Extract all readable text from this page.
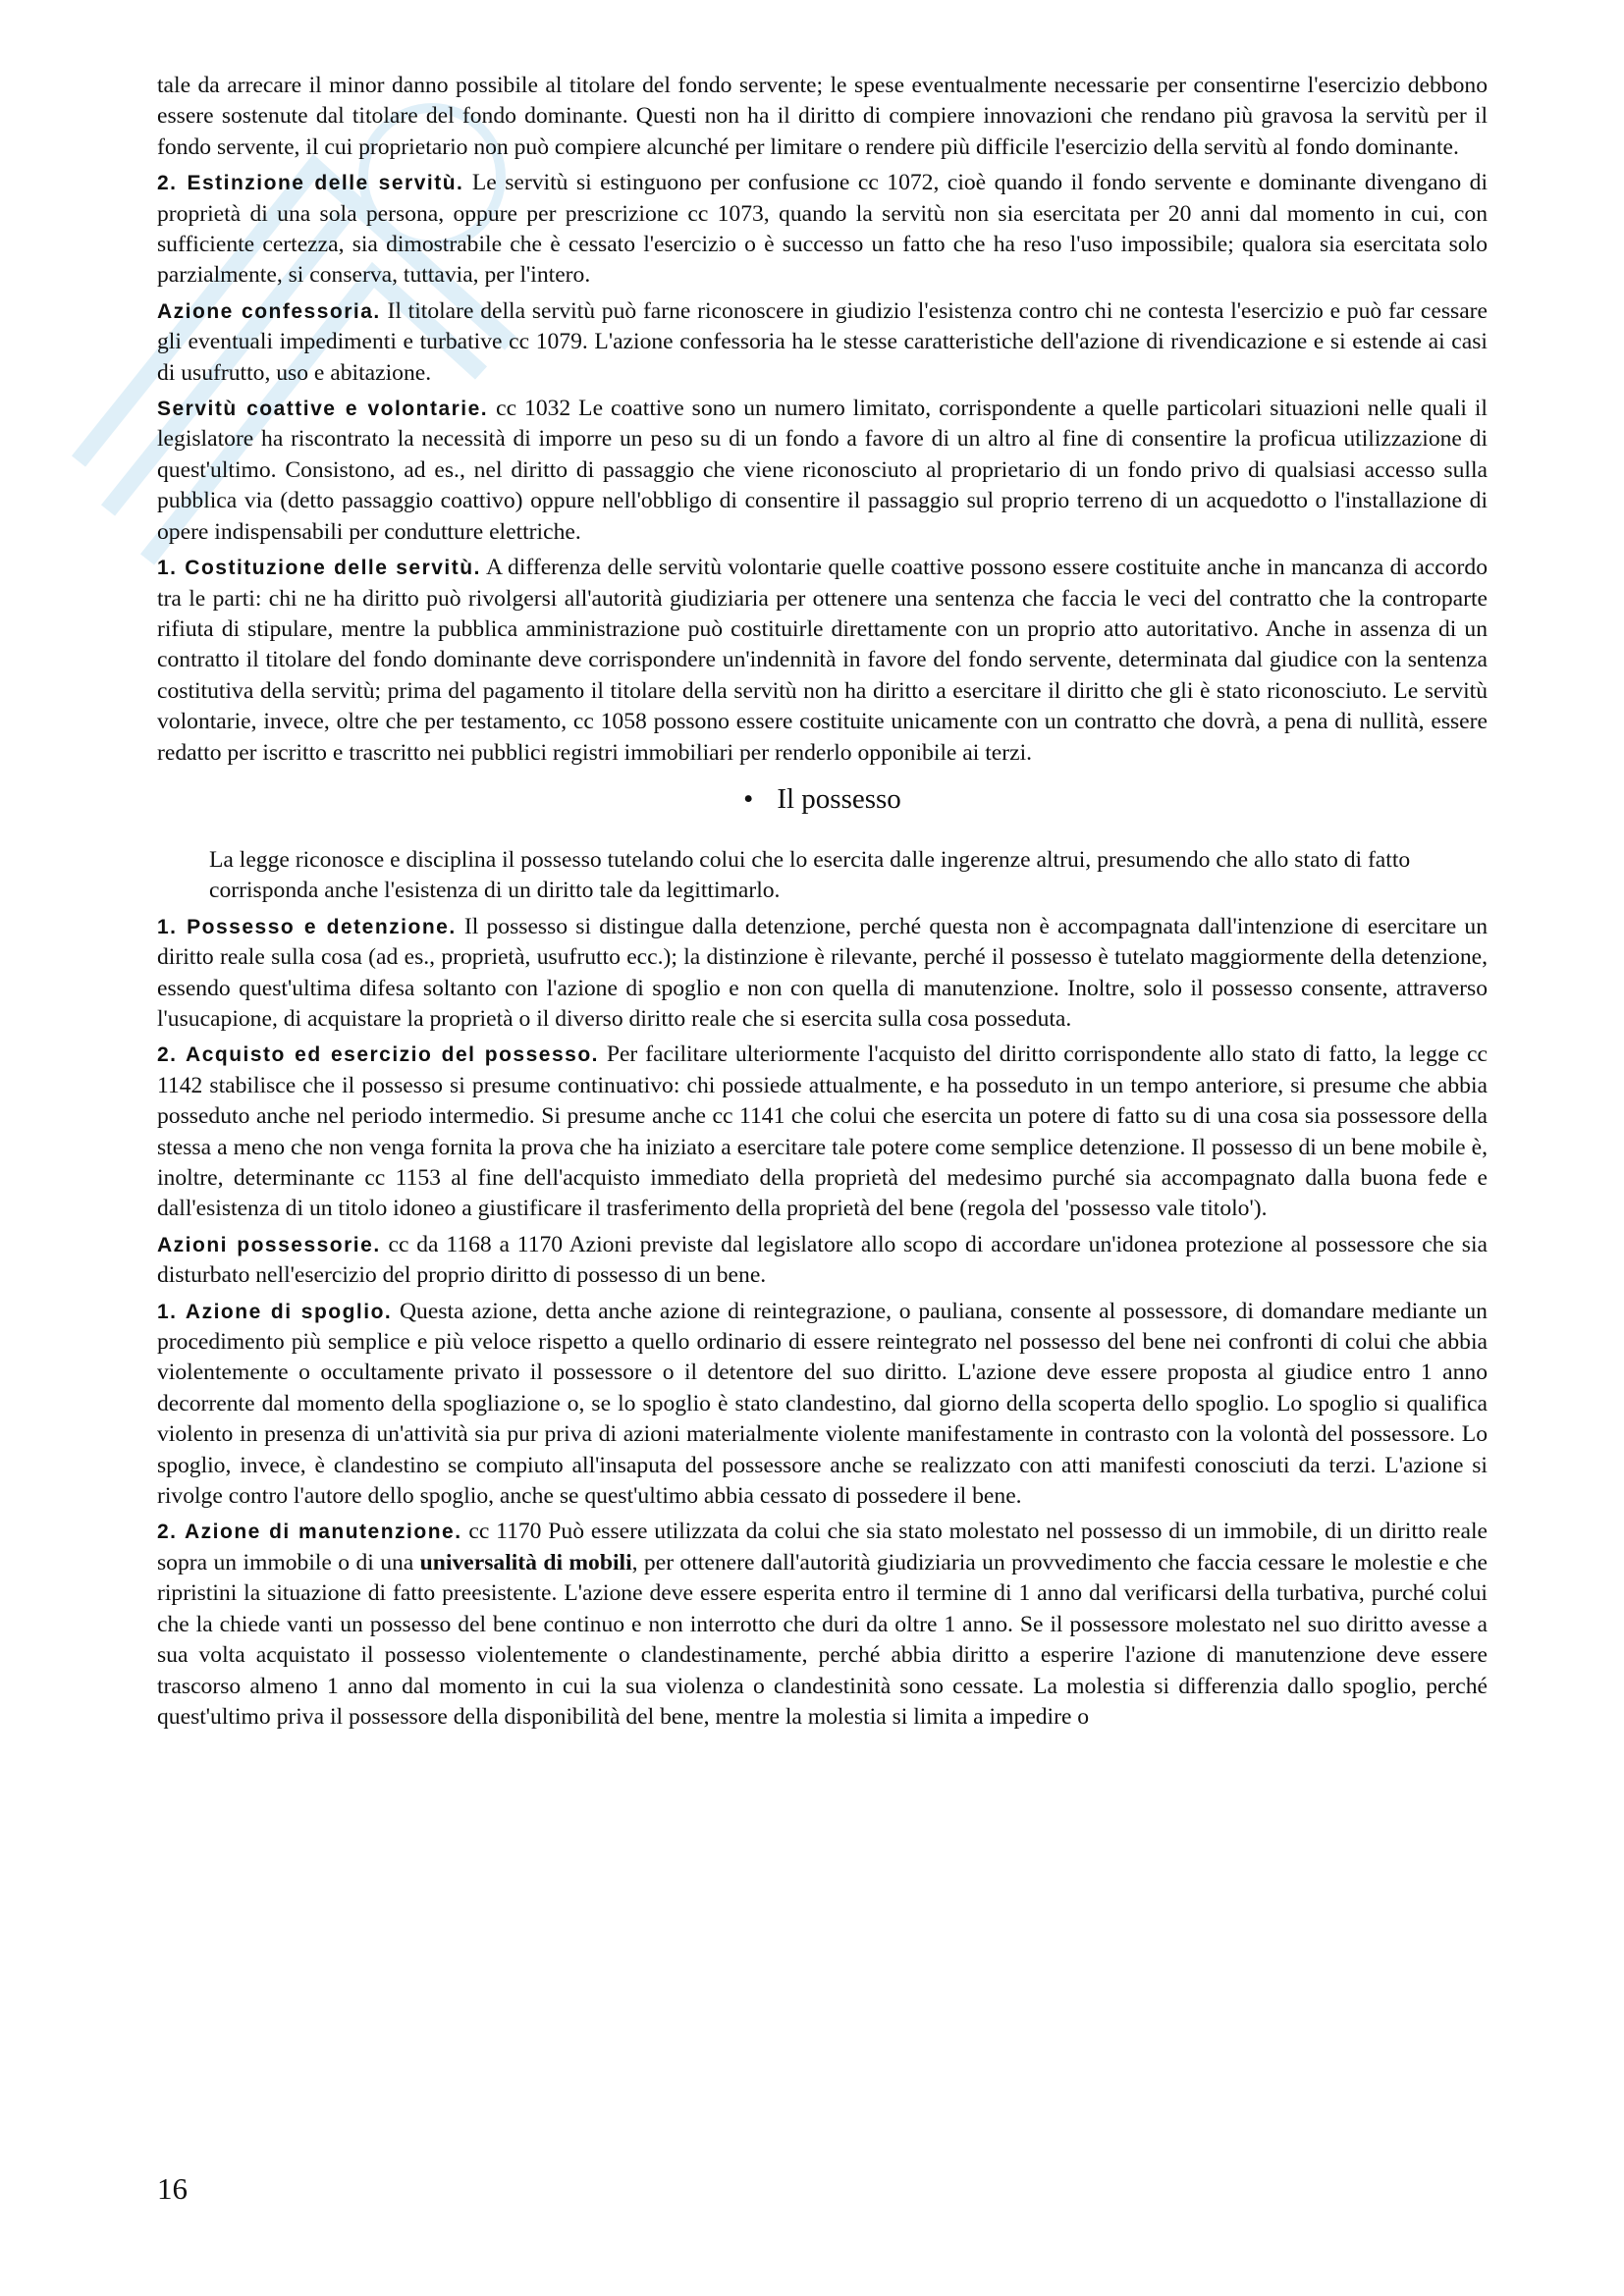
tale da arrecare il minor danno possibile al titolare del fondo servente; le spese eventualmente necessarie per consentirne l'esercizio debbono essere sostenute dal titolare del fondo dominante. Questi non ha il diritto di compiere innovazioni che rendano più gravosa la servitù per il fondo servente, il cui proprietario non può compiere alcunché per limitare o rendere più difficile l'esercizio della servitù al fondo dominante.

2. Estinzione delle servitù. Le servitù si estinguono per confusione cc 1072, cioè quando il fondo servente e dominante divengano di proprietà di una sola persona, oppure per prescrizione cc 1073, quando la servitù non sia esercitata per 20 anni dal momento in cui, con sufficiente certezza, sia dimostrabile che è cessato l'esercizio o è successo un fatto che ha reso l'uso impossibile; qualora sia esercitata solo parzialmente, si conserva, tuttavia, per l'intero.

Azione confessoria. Il titolare della servitù può farne riconoscere in giudizio l'esistenza contro chi ne contesta l'esercizio e può far cessare gli eventuali impedimenti e turbative cc 1079. L'azione confessoria ha le stesse caratteristiche dell'azione di rivendicazione e si estende ai casi di usufrutto, uso e abitazione.

Servitù coattive e volontarie. cc 1032 Le coattive sono un numero limitato, corrispondente a quelle particolari situazioni nelle quali il legislatore ha riscontrato la necessità di imporre un peso su di un fondo a favore di un altro al fine di consentire la proficua utilizzazione di quest'ultimo. Consistono, ad es., nel diritto di passaggio che viene riconosciuto al proprietario di un fondo privo di qualsiasi accesso sulla pubblica via (detto passaggio coattivo) oppure nell'obbligo di consentire il passaggio sul proprio terreno di un acquedotto o l'installazione di opere indispensabili per condutture elettriche.

1. Costituzione delle servitù. A differenza delle servitù volontarie quelle coattive possono essere costituite anche in mancanza di accordo tra le parti: chi ne ha diritto può rivolgersi all'autorità giudiziaria per ottenere una sentenza che faccia le veci del contratto che la controparte rifiuta di stipulare, mentre la pubblica amministrazione può costituirle direttamente con un proprio atto autoritativo. Anche in assenza di un contratto il titolare del fondo dominante deve corrispondere un'indennità in favore del fondo servente, determinata dal giudice con la sentenza costitutiva della servitù; prima del pagamento il titolare della servitù non ha diritto a esercitare il diritto che gli è stato riconosciuto. Le servitù volontarie, invece, oltre che per testamento, cc 1058 possono essere costituite unicamente con un contratto che dovrà, a pena di nullità, essere redatto per iscritto e trascritto nei pubblici registri immobiliari per renderlo opponibile ai terzi.

• Il possesso

La legge riconosce e disciplina il possesso tutelando colui che lo esercita dalle ingerenze altrui, presumendo che allo stato di fatto corrisponda anche l'esistenza di un diritto tale da legittimarlo.

1. Possesso e detenzione. Il possesso si distingue dalla detenzione, perché questa non è accompagnata dall'intenzione di esercitare un diritto reale sulla cosa (ad es., proprietà, usufrutto ecc.); la distinzione è rilevante, perché il possesso è tutelato maggiormente della detenzione, essendo quest'ultima difesa soltanto con l'azione di spoglio e non con quella di manutenzione. Inoltre, solo il possesso consente, attraverso l'usucapione, di acquistare la proprietà o il diverso diritto reale che si esercita sulla cosa posseduta.

2. Acquisto ed esercizio del possesso. Per facilitare ulteriormente l'acquisto del diritto corrispondente allo stato di fatto, la legge cc 1142 stabilisce che il possesso si presume continuativo: chi possiede attualmente, e ha posseduto in un tempo anteriore, si presume che abbia posseduto anche nel periodo intermedio. Si presume anche cc 1141 che colui che esercita un potere di fatto su di una cosa sia possessore della stessa a meno che non venga fornita la prova che ha iniziato a esercitare tale potere come semplice detenzione. Il possesso di un bene mobile è, inoltre, determinante cc 1153 al fine dell'acquisto immediato della proprietà del medesimo purché sia accompagnato dalla buona fede e dall'esistenza di un titolo idoneo a giustificare il trasferimento della proprietà del bene (regola del 'possesso vale titolo').

Azioni possessorie. cc da 1168 a 1170 Azioni previste dal legislatore allo scopo di accordare un'idonea protezione al possessore che sia disturbato nell'esercizio del proprio diritto di possesso di un bene.

1. Azione di spoglio. Questa azione, detta anche azione di reintegrazione, o pauliana, consente al possessore, di domandare mediante un procedimento più semplice e più veloce rispetto a quello ordinario di essere reintegrato nel possesso del bene nei confronti di colui che abbia violentemente o occultamente privato il possessore o il detentore del suo diritto. L'azione deve essere proposta al giudice entro 1 anno decorrente dal momento della spogliazione o, se lo spoglio è stato clandestino, dal giorno della scoperta dello spoglio. Lo spoglio si qualifica violento in presenza di un'attività sia pur priva di azioni materialmente violente manifestamente in contrasto con la volontà del possessore. Lo spoglio, invece, è clandestino se compiuto all'insaputa del possessore anche se realizzato con atti manifesti conosciuti da terzi. L'azione si rivolge contro l'autore dello spoglio, anche se quest'ultimo abbia cessato di possedere il bene.

2. Azione di manutenzione. cc 1170 Può essere utilizzata da colui che sia stato molestato nel possesso di un immobile, di un diritto reale sopra un immobile o di una universalità di mobili, per ottenere dall'autorità giudiziaria un provvedimento che faccia cessare le molestie e che ripristini la situazione di fatto preesistente. L'azione deve essere esperita entro il termine di 1 anno dal verificarsi della turbativa, purché colui che la chiede vanti un possesso del bene continuo e non interrotto che duri da oltre 1 anno. Se il possessore molestato nel suo diritto avesse a sua volta acquistato il possesso violentemente o clandestinamente, perché abbia diritto a esperire l'azione di manutenzione deve essere trascorso almeno 1 anno dal momento in cui la sua violenza o clandestinità sono cessate. La molestia si differenzia dallo spoglio, perché quest'ultimo priva il possessore della disponibilità del bene, mentre la molestia si limita a impedire o

16
